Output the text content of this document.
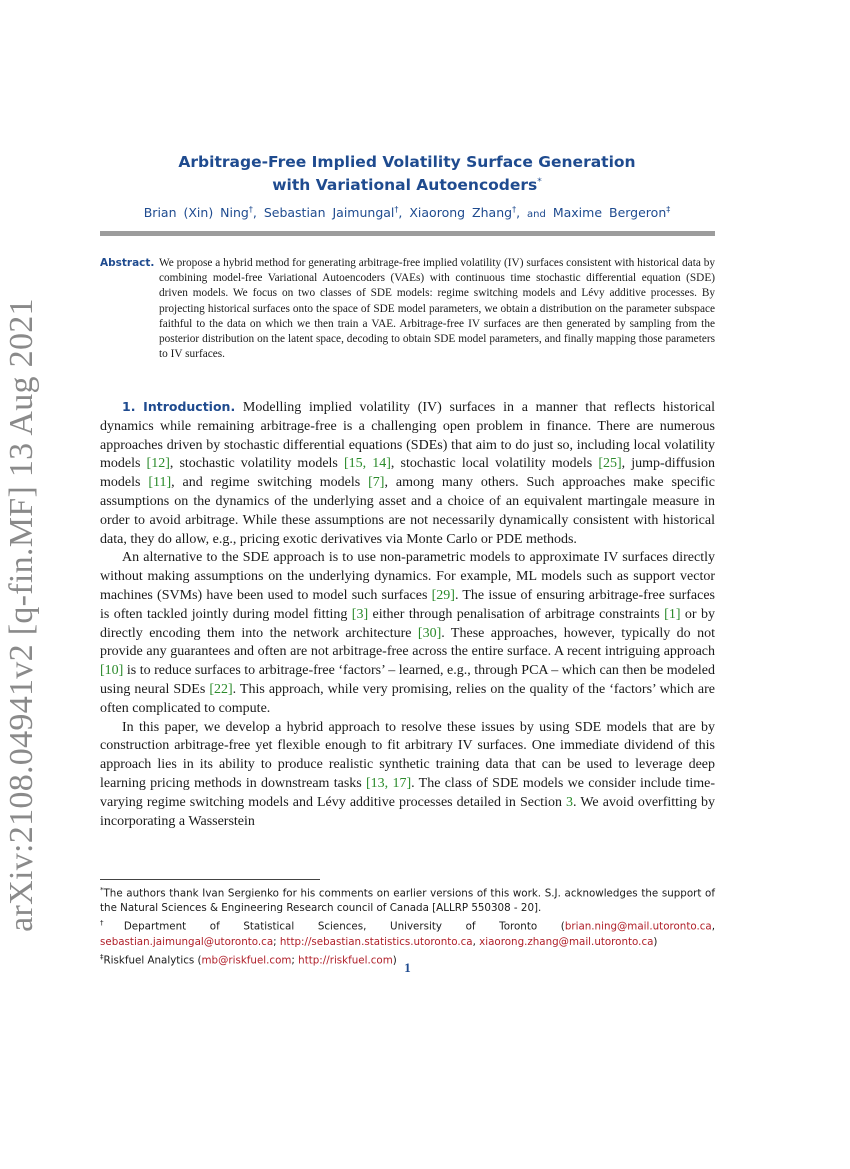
arXiv:2108.04941v2 [q-fin.MF] 13 Aug 2021
Arbitrage-Free Implied Volatility Surface Generation
with Variational Autoencoders*
Brian (Xin) Ning†, Sebastian Jaimungal†, Xiaorong Zhang†, and Maxime Bergeron‡
Abstract. We propose a hybrid method for generating arbitrage-free implied volatility (IV) surfaces consistent with historical data by combining model-free Variational Autoencoders (VAEs) with continuous time stochastic differential equation (SDE) driven models. We focus on two classes of SDE models: regime switching models and Lévy additive processes. By projecting historical surfaces onto the space of SDE model parameters, we obtain a distribution on the parameter subspace faithful to the data on which we then train a VAE. Arbitrage-free IV surfaces are then generated by sampling from the posterior distribution on the latent space, decoding to obtain SDE model parameters, and finally mapping those parameters to IV surfaces.

1. Introduction. Modelling implied volatility (IV) surfaces in a manner that reflects historical dynamics while remaining arbitrage-free is a challenging open problem in finance. There are numerous approaches driven by stochastic differential equations (SDEs) that aim to do just so, including local volatility models [12], stochastic volatility models [15, 14], stochastic local volatility models [25], jump-diffusion models [11], and regime switching models [7], among many others. Such approaches make specific assumptions on the dynamics of the underlying asset and a choice of an equivalent martingale measure in order to avoid arbitrage. While these assumptions are not necessarily dynamically consistent with historical data, they do allow, e.g., pricing exotic derivatives via Monte Carlo or PDE methods.

An alternative to the SDE approach is to use non-parametric models to approximate IV surfaces directly without making assumptions on the underlying dynamics. For example, ML models such as support vector machines (SVMs) have been used to model such surfaces [29]. The issue of ensuring arbitrage-free surfaces is often tackled jointly during model fitting [3] either through penalisation of arbitrage constraints [1] or by directly encoding them into the network architecture [30]. These approaches, however, typically do not provide any guarantees and often are not arbitrage-free across the entire surface. A recent intriguing approach [10] is to reduce surfaces to arbitrage-free ‘factors’ – learned, e.g., through PCA – which can then be modeled using neural SDEs [22]. This approach, while very promising, relies on the quality of the ‘factors’ which are often complicated to compute.

In this paper, we develop a hybrid approach to resolve these issues by using SDE models that are by construction arbitrage-free yet flexible enough to fit arbitrary IV surfaces. One immediate dividend of this approach lies in its ability to produce realistic synthetic training data that can be used to leverage deep learning pricing methods in downstream tasks [13, 17]. The class of SDE models we consider include time-varying regime switching models and Lévy additive processes detailed in Section 3. We avoid overfitting by incorporating a Wasserstein

*The authors thank Ivan Sergienko for his comments on earlier versions of this work. S.J. acknowledges the support of the Natural Sciences & Engineering Research council of Canada [ALLRP 550308 - 20].

†Department of Statistical Sciences, University of Toronto (brian.ning@mail.utoronto.ca, sebastian.jaimungal@utoronto.ca; http://sebastian.statistics.utoronto.ca, xiaorong.zhang@mail.utoronto.ca)

‡Riskfuel Analytics (mb@riskfuel.com; http://riskfuel.com) 1
